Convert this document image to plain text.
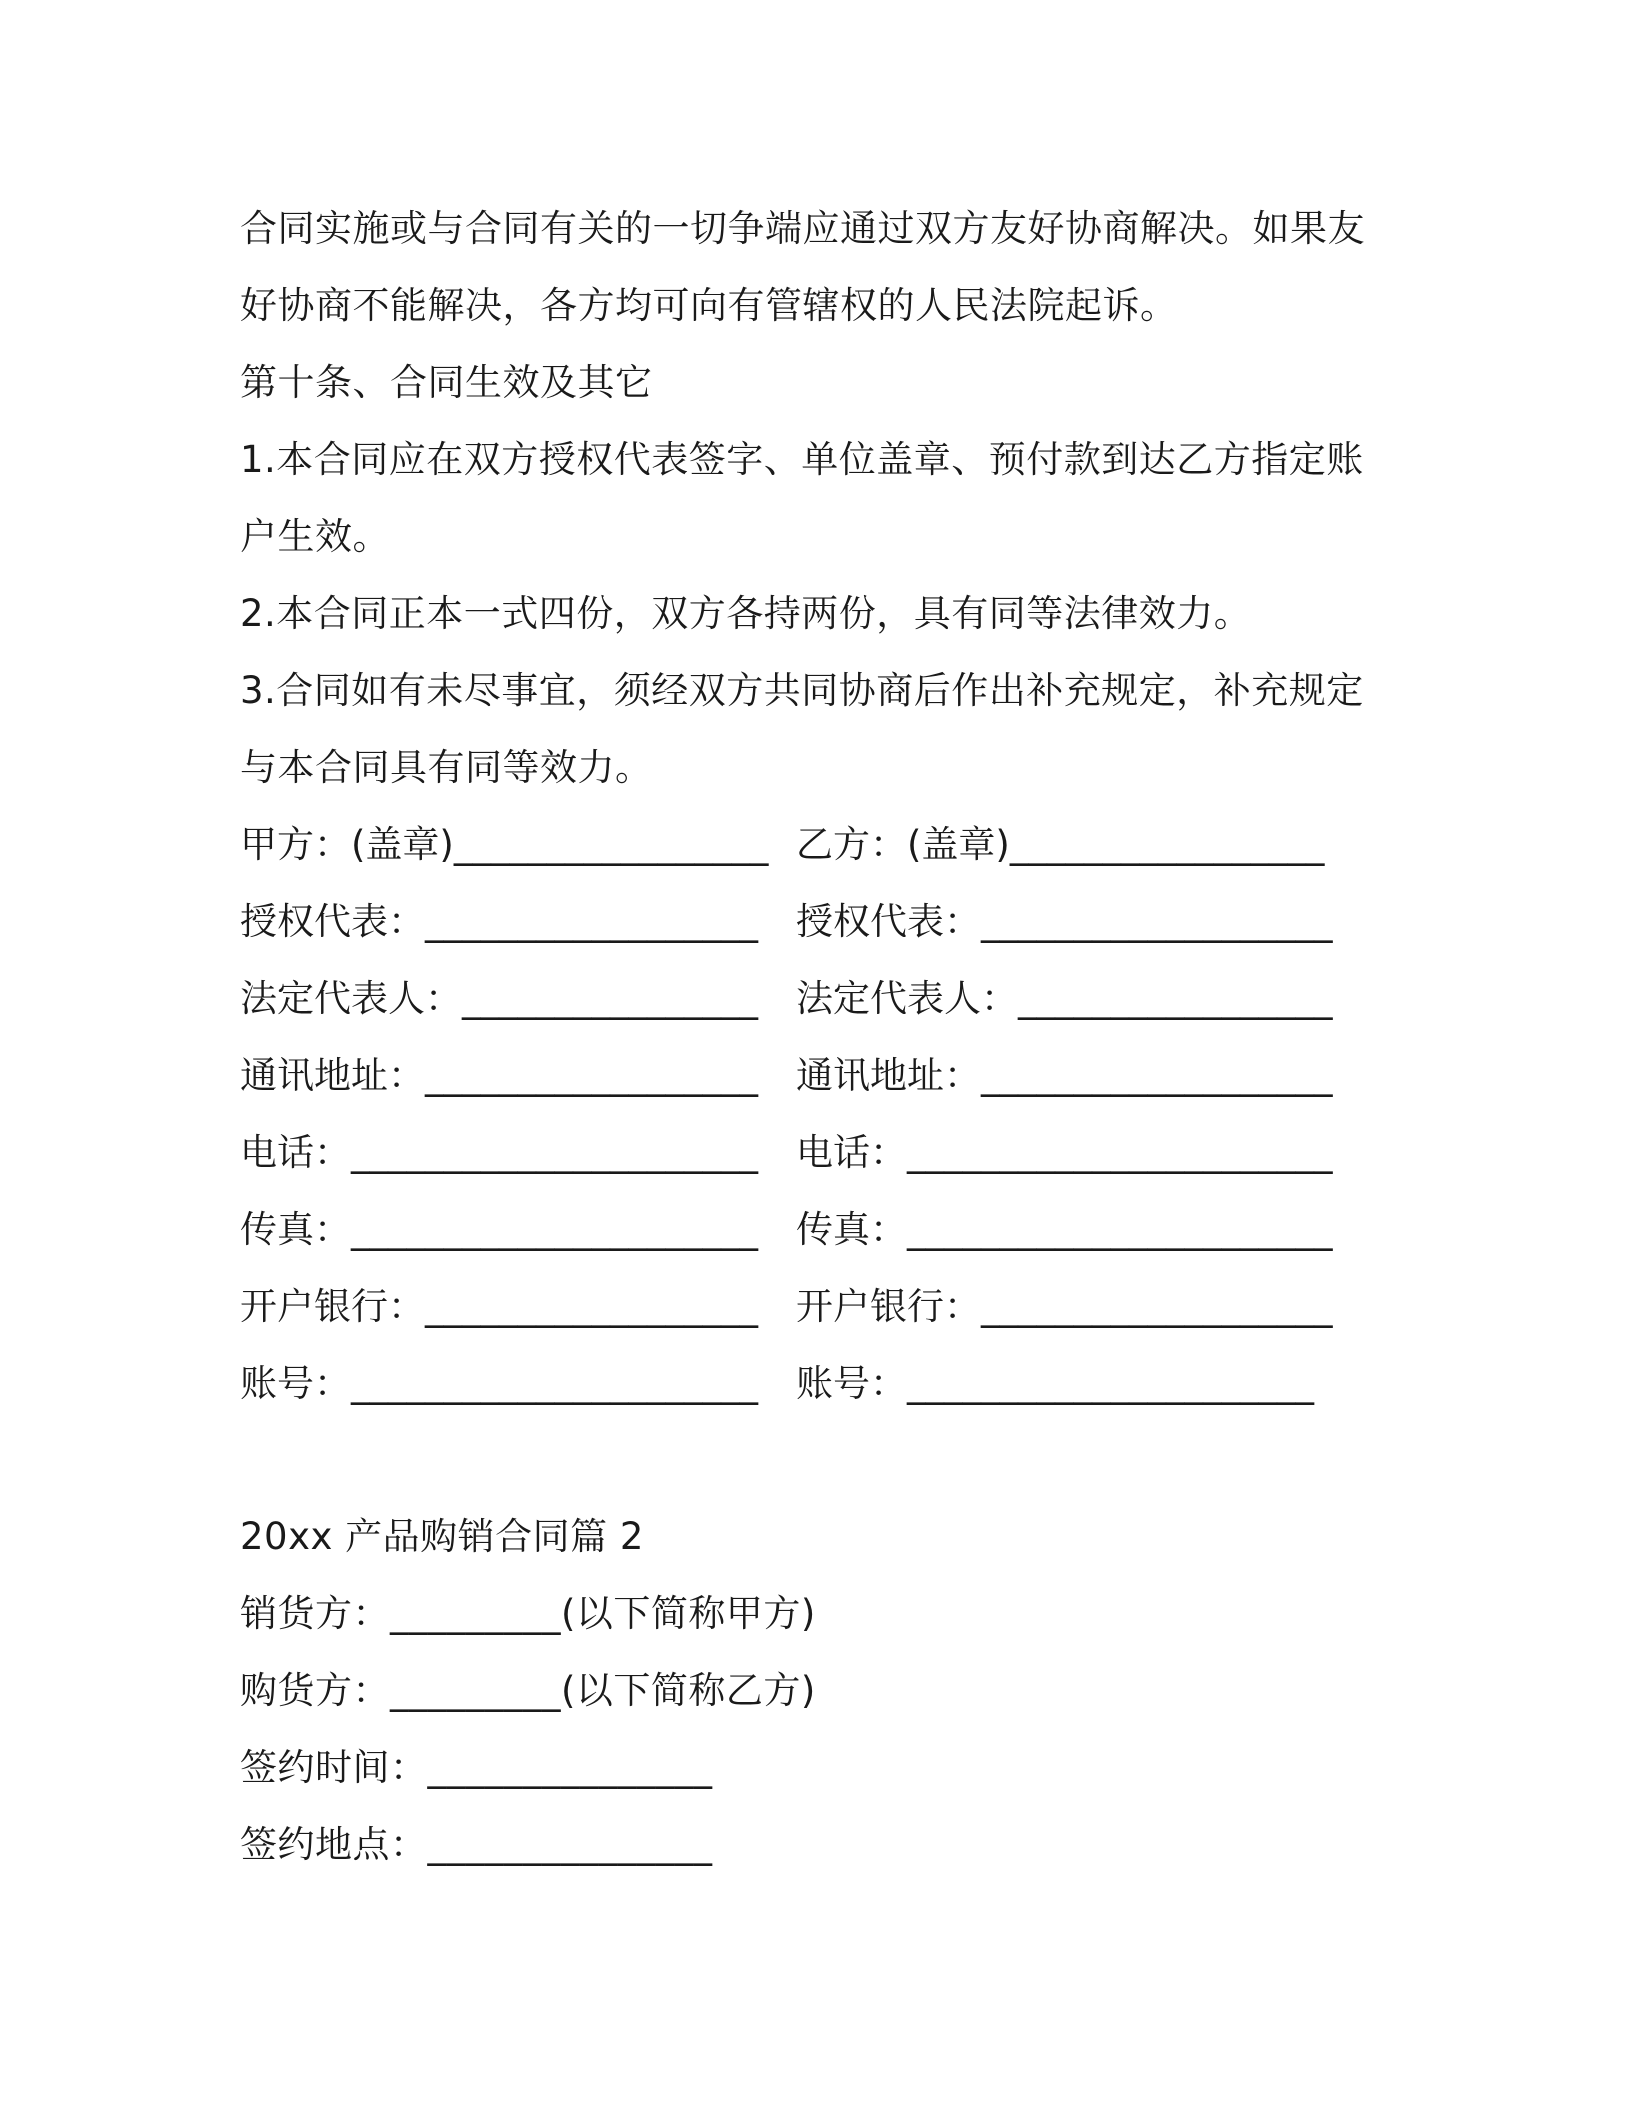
合同实施或与合同有关的一切争端应通过双方友好协商解决。如果友
好协商不能解决，各方均可向有管辖权的人民法院起诉。
第十条、合同生效及其它
1.本合同应在双方授权代表签字、单位盖章、预付款到达乙方指定账
户生效。
2.本合同正本一式四份，双方各持两份，具有同等法律效力。
3.合同如有未尽事宜，须经双方共同协商后作出补充规定，补充规定
与本合同具有同等效力。
甲方：(盖章)_________________ 乙方：(盖章)_________________
授权代表：__________________ 授权代表：___________________
法定代表人：________________ 法定代表人：_________________
通讯地址：__________________ 通讯地址：___________________
电话：______________________ 电话：_______________________
传真：______________________ 传真：_______________________
开户银行：__________________ 开户银行：___________________
账号：______________________ 账号：______________________
20xx 产品购销合同篇 2
销货方：_________(以下简称甲方)
购货方：_________(以下简称乙方)
签约时间：_______________
签约地点：_______________
